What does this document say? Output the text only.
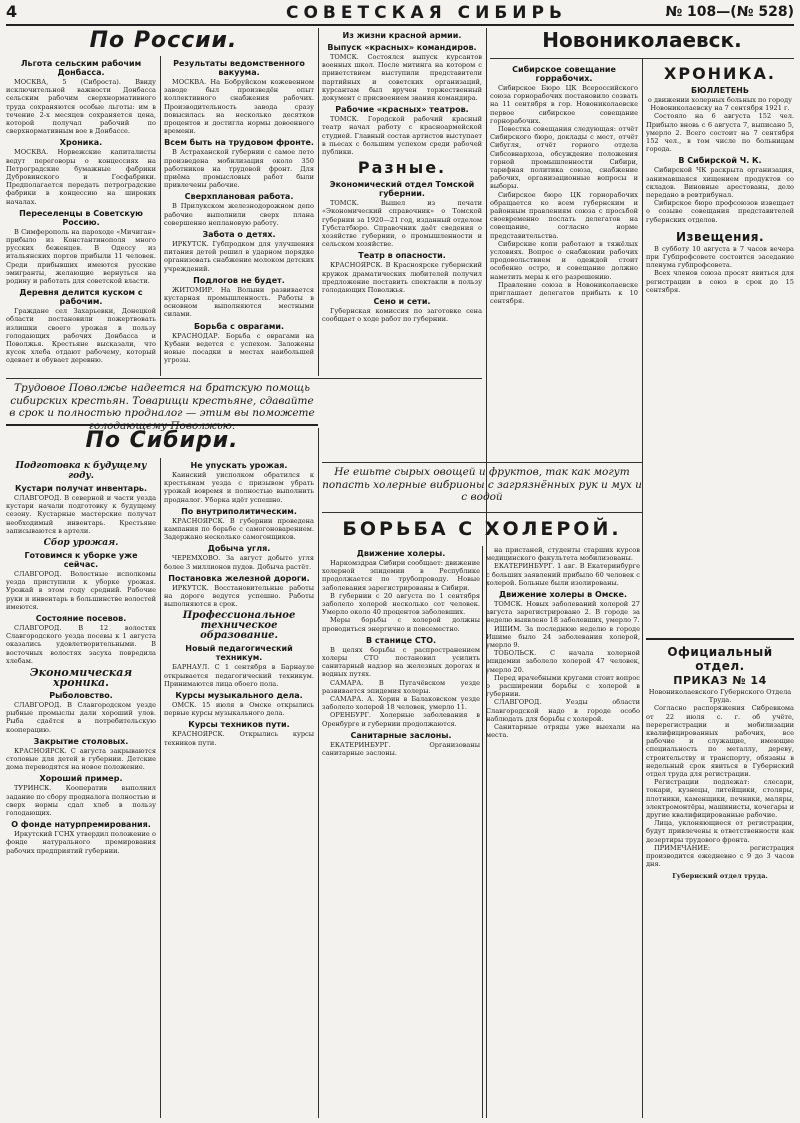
4	СОВЕТСКАЯ СИБИРЬ	№ 108—(№ 528)
По России.
Льгота сельским рабочим Донбасса.

МОСКВА, 5 (Сиброста). Ввиду исключительной важности Донбасса сельским рабочим сверхнормативного труда сохраняются особые льготы: им в течение 2-х месяцев сохраняется цена, которой получал рабочий по сверхнормативным вое в Донбассе.

Хроника.

МОСКВА. Норвежские капиталисты ведут переговоры о концессиях на Петроградские бумажные фабрики Дубровинского и Госфабрики. Предполагается передать петроградские фабрики в концессию на широких началах.

Переселенцы в Советскую Россию.

В Симферополь на пароходе «Мичиган» прибыло из Константинополя много русских беженцев. В Одессу из итальянских портов прибыли 11 человек. Среди прибывших имеются русские эмигранты, желающие вернуться на родину и работать для советской власти.

Деревня делится куском с рабочим.

Граждане сел Захарьевки, Донецкой области постановили пожертвовать излишки своего урожая в пользу голодающих рабочих Донбасса и Поволжья. Крестьяне высказали, что кусок хлеба отдают рабочему, который одевает и обувает деревню.

Результаты ведомственного вакуума.

МОСКВА. На Бобруйском кожевенном заводе был произведён опыт коллективного снабжения рабочих. Производительность завода сразу повысилась на несколько десятков процентов и достигла нормы довоенного времени.

Всем быть на трудовом фронте.

В Астраханской губернии с самое лето произведена мобилизация около 350 работников на трудовой фронт. Для приёма промысловых работ были привлечены рабочие.

Сверхплановая работа.

В Прилукском железнодорожном депо рабочие выполнили сверх плана совершенно неплановую работу.

Забота о детях.

ИРКУТСК. Губпродком для улучшения питания детей решил в ударном порядке организовать снабжение молоком детских учреждений.

Подлогов не будет.

ЖИТОМИР. На Волыни развивается кустарная промышленность. Работы в основном выполняются местными силами.

Борьба с оврагами.

КРАСНОДАР. Борьба с оврагами на Кубани ведется с успехом. Заложены новые посадки в местах наибольшей угрозы.

Из жизни красной армии.
Выпуск «красных» командиров.

ТОМСК. Состоялся выпуск курсантов военных школ. После митинга на котором с приветствием выступили представители партийных и советских организаций, курсантам был вручен торжественный документ с присвоением звания командира.

Рабочие «красных» театров.

ТОМСК. Городской рабочий красный театр начал работу с красноармейской студией. Главный состав артистов выступает в пьесах с большим успехом среди рабочей публики.

Разные.
Экономический отдел Томской губернии.

ТОМСК. Вышел из печати «Экономический справочник» о Томской губернии за 1920—21 год, изданный отделом Губстатбюро. Справочник даёт сведения о хозяйстве губернии, о промышленности и сельском хозяйстве.

Театр в опасности.

КРАСНОЯРСК. В Красноярске губернский кружок драматических любителей получил предложение поставить спектакли в пользу голодающих Поволжья.

Сено и сети.

Губернская комиссия по заготовке сена сообщает о ходе работ по губернии.

Трудовое Поволжье надеется на братскую помощь сибирских крестьян. Товарищи крестьяне, сдавайте в срок и полностью продналог — этим вы поможете голодающему Поволжью.
Новониколаевск.
Сибирское совещание горрабочих.

Сибирское Бюро ЦК Всероссийского союза горнорабочих постановило созвать на 11 сентября в гор. Новониколаевске первое сибирское совещание горнорабочих.

Повестка совещания следующая: отчёт Сибирского бюро, доклады с мест, отчёт Сибугля, отчёт горного отдела Сибсовнархоза, обсуждение положения горной промышленности Сибири, тарифная политика союза, снабжение рабочих, организационные вопросы и выборы.

Сибирское бюро ЦК горнорабочих обращается ко всем губернским и районным правлениям союза с просьбой своевременно послать делегатов на совещание, согласно норме представительства.

Сибирские копи работают в тяжёлых условиях. Вопрос о снабжении рабочих продовольствием и одеждой стоит особенно остро, и совещание должно наметить меры к его разрешению.

Правление союза в Новониколаевске приглашает делегатов прибыть к 10 сентября.

ХРОНИКА.
БЮЛЛЕТЕНЬ
о движении холерных больных по городу Новониколаевску на 7 сентября 1921 г.

Состояло на 6 августа 152 чел. Прибыло вновь с 6 августа 7, выписано 5, умерло 2. Всего состоит на 7 сентября 152 чел., в том числе по больницам города.

В Сибирской Ч. К.

Сибирской ЧК раскрыта организация, занимавшаяся хищением продуктов со складов. Виновные арестованы, дело передано в ревтрибунал.

Сибирское бюро профсоюзов извещает о созыве совещания представителей губернских отделов.

Извещения.

В субботу 10 августа в 7 часов вечера при Губпрофсовете состоится заседание пленума губпрофсовета.

Всех членов союза просят явиться для регистрации в союз в срок до 15 сентября.

Официальный отдел.
ПРИКАЗ № 14
Новониколаевского Губернского Отдела Труда.

Согласно распоряжения Сибревкома от 22 июля с. г. об учёте, перерегистрации и мобилизации квалифицированных рабочих, все рабочие и служащие, имеющие специальность по металлу, дереву, строительству и транспорту, обязаны в недельный срок явиться в Губернский отдел труда для регистрации.

Регистрации подлежат: слесари, токари, кузнецы, литейщики, столяры, плотники, каменщики, печники, маляры, электромонтёры, машинисты, кочегары и другие квалифицированные рабочие.

Лица, уклоняющиеся от регистрации, будут привлечены к ответственности как дезертиры трудового фронта.

ПРИМЕЧАНИЕ: регистрация производится ежедневно с 9 до 3 часов дня.

Губернский отдел труда.
По Сибири.
Подготовка к будущему году.
Кустари получат инвентарь.

СЛАВГОРОД. В северной и части уезда кустари начали подготовку к будущему сезону. Кустарные мастерские получат необходимый инвентарь. Крестьяне записываются в артели.

Сбор урожая.
Готовимся к уборке уже сейчас.

СЛАВГОРОД. Волостные исполкомы уезда приступили к уборке урожая. Урожай в этом году средний. Рабочие руки и инвентарь в большинстве волостей имеются.

Состояние посевов.

СЛАВГОРОД. В 12 волостях Славгородского уезда посевы к 1 августа оказались удовлетворительными. В восточных волостях засуха повредила хлебам.

Экономическая хроника.
Рыболовство.

СЛАВГОРОД. В Славгородском уезде рыбные промыслы дали хороший улов. Рыба сдаётся в потребительскую кооперацию.

Закрытие столовых.

КРАСНОЯРСК. С августа закрываются столовые для детей в губернии. Детские дома переводятся на новое положение.

Хороший пример.

ТУРИНСК. Кооператив выполнил задание по сбору продналога полностью и сверх нормы сдал хлеб в пользу голодающих.

О фонде натурпремирования.

Иркутский ГСНХ утвердил положение о фонде натурального премирования рабочих предприятий губернии.

Не упускать урожая.

Каинский уисполком обратился к крестьянам уезда с призывом убрать урожай вовремя и полностью выполнить продналог. Уборка идёт успешно.

По внутриполитическим.

КРАСНОЯРСК. В губернии проведена кампания по борьбе с самогоноварением. Задержано несколько самогонщиков.

Добыча угля.

ЧЕРЕМХОВО. За август добыто угля более 3 миллионов пудов. Добыча растёт.

Постановка железной дороги.

ИРКУТСК. Восстановительные работы на дороге ведутся успешно. Работы выполняются в срок.

Профессиональное техническое образование.
Новый педагогический техникум.

БАРНАУЛ. С 1 сентября в Барнауле открывается педагогический техникум. Принимаются лица обоего пола.

Курсы музыкального дела.

ОМСК. 15 июля в Омске открылись первые курсы музыкального дела.

Курсы техников пути.

КРАСНОЯРСК. Открылись курсы техников пути.

Не ешьте сырых овощей и фруктов, так как могут попасть холерные вибрионы с загрязнённых рук и мух и с водой
БОРЬБА С ХОЛЕРОЙ.
Движение холеры.

Наркомздрав Сибири сообщает: движение холерной эпидемии в Республике продолжается по трубопроводу. Новые заболевания зарегистрированы в Сибири.

В губернии с 20 августа по 1 сентября заболело холерой несколько сот человек. Умерло около 40 процентов заболевших.

Меры борьбы с холерой должны проводиться энергично и повсеместно.

В станице СТО.

В целях борьбы с распространением холеры СТО постановил усилить санитарный надзор на железных дорогах и водных путях.

САМАРА. В Пугачёвском уезде развивается эпидемия холеры.

САМАРА. А. Хорин в Балаковском уезде заболело холерой 18 человек, умерло 11.

ОРЕНБУРГ. Холерные заболевания в Оренбурге и губернии продолжаются.

Санитарные заслоны.

ЕКАТЕРИНБУРГ. Организованы санитарные заслоны.

на пристаней, студенты старших курсов медицинского факультета мобилизованы.

ЕКАТЕРИНБУРГ. 1 авг. В Екатеринбурге с больших заявлений прибыло 60 человек с холерой. Больные были изолированы.

Движение холеры в Омске.

ТОМСК. Новых заболеваний холерой 27 августа зарегистрировано 2. В городе за неделю выявлено 18 заболевших, умерло 7.

ИШИМ. За последнюю неделю в городе Ишиме было 24 заболевания холерой, умерло 9.

ТОБОЛЬСК. С начала холерной эпидемии заболело холерой 47 человек, умерло 20.

Перед врачебными кругами стоит вопрос о расширении борьбы с холерой в губернии.

СЛАВГОРОД. Уезды области Славгородской надо в городе особо наблюдать для борьбы с холерой.

Санитарные отряды уже выехали на места.
